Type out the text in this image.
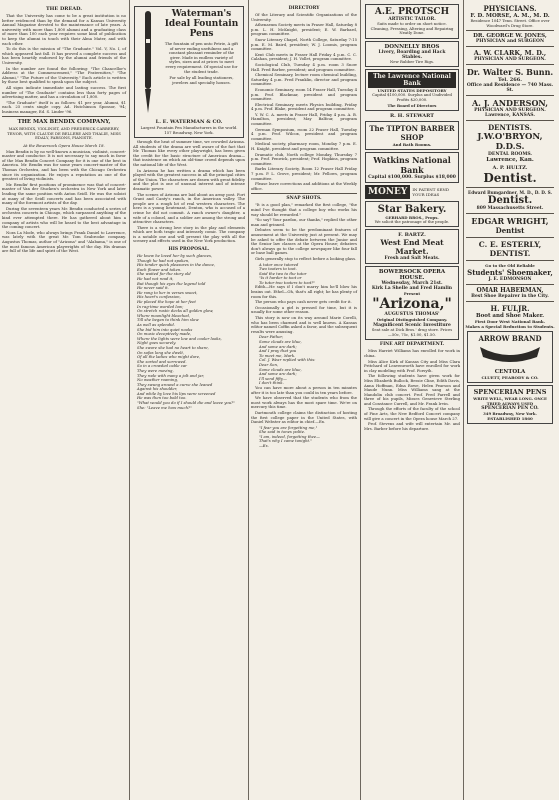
THE DREAD.

That the University has come to be a great institution is no better evidenced than by the demand for a Kansas University Annual Magazine devoted to the maintenance of late years. A university with more than 1,800 alumni and a graduating class of more than 100 each year requires some kind of publication to keep the alumni in touch with their Alma Mater, and with each other.

To do this is the mission of "The Graduate." Vol. V, No. I, of which appeared last fall. It has proved a complete success and has been heartily endorsed by the alumni and friends of the University.

In the number are found the following: "The Chancellor's Address at the Commencement," "The Fraternities," "The Alumni," "The Future of the University." Each article is written by those best qualified to speak upon the subject.

All signs indicate immediate and lasting success. The first number of "The Graduate" contains less than forty pages of advertising matter, and has a circulation of 1,800.

"The Graduate" itself is as follows: $1 per year, Alumni, $1 each. 25 cents single copy. Ad. Hutchinson Sponsor, '94; business manager, Ed. S. Linder '96.

THE MAX BENDIX COMPANY,
MAX BENDIX, VIOLINIST, AND FREDERICK CARBERRY, TENOR, WITH CLAUDE DE BELLERE AND THALIE, MISS EDALY, PARSONS, PIANISTE.
At the Bowersock Opera House March 18.

Max Bendix is by no well-known a musician, violinist, concert-master and conductor. It is not necessary to say much in favor of the Max Bendix Concert Company for it is one of the best in America. Mr. Bendix was for some years concert-master of the Thomas Orchestra, and has been with the Chicago Orchestra since its organization. He enjoys a reputation as one of the greatest of living violinists.

Mr. Bendix' first positions of prominence was that of concert-master of Van der Stucken's orchestra in New York and later leading the same position with Anton Seidl. He was the soloist at many of the Seidl concerts and has been associated with many of the foremost artists of the day.

During the seventeen years Mr. Bendix conducted a series of orchestra concerts in Chicago, which surpassed anything of the kind ever attempted there. He has gathered about him a company of artists who will be heard to the best advantage in the coming concert.

Nora La Mode, who always brings Frank Daniel to Lawrence, was lately with the great Mr. Tom Seabrooke company. Augustus Thomas, author of "Arizona" and "Alabama," is one of the most famous American playwrights of the day. His dramas are full of the life and spirit of the West.

Waterman's Ideal Fountain Pens
The fountain of pen unto Petrie, A gift of never ending usefulness and a constant pleasant reminder of the giver. Made in endless variety of styles, sizes and at prices to meet every requirement. Of special use for the student trade.
For sale by all leading stationers, jewelers and specialty houses.
L. E. WATERMAN & CO.
Largest Fountain Pen Manufacturers in the world. 157 Broadway, New York.

through the heat of summer time, we crowded Arizona. All students of the drama are well aware of the fact that Mr. Thomas like every other playwright, has been given the credit for the basic structure of American drama—that insistence on which an old-time crowd depends upon the national life of the West.

In Arizona he has written a drama which has been played with the greatest success in all the principal cities of the Union. The characters are drawn with great fidelity and the plot is one of unusual interest and of intense dramatic power.

The scenes of Arizona are laid about an army post. Fort Grant and Canty's ranch, in the American valley. The people are a rough lot of real western characters. The hero is a young lieutenant, Denton, who is accused of a crime he did not commit. A ranch owner's daughter, a wife of a colonel, and a soldier are among the strong and attractive characters.

There is a strong love story in the play and elements which are both tragic and intensely comic. The company is a notable one and will present the play with all the scenery and effects used in the New York production.

HIS PROPOSAL.
He knew he loved her by such glances,
Though he had not spoken,
His tender quick pleasures in the dance,
Each flower and token.
She waited for the story old
He had not read it,
But though his eyes the legend told
He never said it.
He rang to her in verses sweet,
His heart's confession,
He placed the hope at her feet
In rag-time worded low;
On stretch rustic decks all golden glow,
Where moonlight bleached,
Till she began to think him slow
As well as splendid.
She bid him into quiet nooks
On music deceptively made,
Where the lights were low and cooler looks,
Night goes securely.
She swore she had no heart to share,
On sofas long she dwelt,
Of all the ladies who might dare,
She sorted and sorrowed.
So in a crowded cable car
They were moving,
They rode with many a jolt and jar,
No weather roaming,
They swung around a curve she leaned
Against his shoulder,
And while by love his lips were screened
He was then too bold too.
"What would you do if I should die and leave you?"
She: "Leave me how much?"
DIRECTORY

Of the Literary and Scientific Organizations of the University.

Athenaeum Society meets in Fraser Hall, Saturday 8 p.m. L. H. McKnight, president; E. W. Barbard, program committee.

Snow Literary Chapel, North College, Saturday 7:15 p.m. E. M. Baird, president; W. J. Loomis, program committee.

Kent Club meets in Fraser Hall Friday 4 p.m. C. C. Calahan, president; J. H. Vollet, program committee.

Sociological Club, Tuesday 4 p.m. room 3 Snow Hall. Fred Barber, president; and program committee.

Chemical Seminary, lecture room chemical building, Saturday 4 p.m. Fred Franklin, director and program committee.

Economic Seminary, room 14 Fraser Hall, Tuesday 4 p.m. Prof. Blackmar, president and program committee.

Electrical Seminary, meets Physics building, Friday 4 p.m. Prof. Blake, president and program committee.

Y. W. C. A. meets in Fraser Hall, Friday 4 p.m. A. B. Hamilton, president; May Balfour, program committee.

German Symposium, room 22 Fraser Hall, Tuesday 4 p.m. Prof. Wilcox, president and program committee.

Medical society, pharmacy room, Monday 7 p.m. E. H. Knight, president and program committee.

Dramatic club, North college Monday, Thursday 7 p.m. Prof. Fenwick, president; Prof. Hopkins, program committee.

Barbs Literary Society, Room 12 Fraser Hall Friday 7 p.m. P. L. Grove, president; Mr. Fellows, program committee.

Please leave corrections and additions at the Weekly office.

SNAP SHOTS.

"It is a good plan," remarked the first college, "the mind I've thought that a college boy who works his way should be rewarded."

"So say? Your pardon, our thanks," replied the other man and grinned.

Debates seem to be the predominant features of amusement at the University just at present. We may be asked to offer the debate between the Junior and the Senior law classes at the Opera House; debaters don't always go to the college newspaper like four fall or base ball games.

Girls generally stop to reflect before a looking glass.

A tutor once tutored
Two tooters to toot.
Said the two to the tutor
"Is it harder to toot or
To tutor two tooters to toot?"

Edith—He says if I don't marry him he'll blow his brains out. Ethel—Oh, that's all right; he has plenty of room for this.

The person who pays cash never gets credit for it.

Occasionally a girl is pressed for time, but it is usually for some other reason.

This story is now on its way around Marie Corelli, who has been charmed and is well known. A Kansas editor named Coffin asked a favor, and the subsequent results were amusing.

Dear Father,
Some clouds are blue,
And some are dark;
And I pray that you
To meet me, Mark.
Col. J. Wear replied with this:
Dear Son,
Some clouds are blue,
And some are dark;
I'll send fifty—
I don't think.

You can have more about a person in ten minutes after it is too late than you could in ten years before.

We have observed that the students who from the most work always has the most spare time. We're on mercury this time.

Dartmouth college claims the distinction of hosting the first college paper in the United States, with Daniel Webster as editor in chief.—Ex.

"I fear you are forgetting me,"
She said in tones polite.
"I am, indeed, forgetting thee—
That's why I came tonight."
—Ex.
A.E. PROTSCH
ARTISTIC TAILOR.
Suits made to order on short notice. Cleaning, Pressing, Altering and Repairing Neatly Done.
DONNELLY BROS
Livery, Boarding and Hack Stables.
New Rubber Tire Rigs.
The Lawrence National Bank
UNITED STATES DEPOSITORY
Capital $100,000. Surplus and Undivided Profits $20,000.
The Board of Directors
R. H. STEWART
The TIPTON BARBER SHOP
And Bath Rooms.
Watkins National Bank
Capital $100,000. Surplus $18,000
MONEY	IN PATENT SEND YOUR IDEAS
Star Bakery.
GERHARD BROS., Props.
We solicit the patronage of the people.
F. BARTZ.
West End Meat Market.
Fresh and Salt Meats.
BOWERSOCK OPERA HOUSE.
Wednesday, March 21st.
Kirk La Shelle and Fred Hamlin
Present
"Arizona,"
AUGUSTUS THOMAS'
Original Distinguished Company.
Magnificent Scenic Investiture
Seat sale at Dick Bros.' drug store. Prices—50c, 75c, $1.00, $1.50.
FINE ART DEPARTMENT.

Miss Harriet Williams has enrolled for work in china.

Miss Alice Kirk of Kansas City and Miss Clara Pritchard of Leavenworth have enrolled for work in clay modeling with Prof. Forsyth.

The following students have given work for Miss Elizabeth Bullock, Bessie Cline, Edith Davis, Anna Hoffman, Edna Rowe, Helen Pearson and Maude Nunn. Miss Williams sang at the Mandolin club concert. Prof. Fred Farrell and three of his pupils, Misses Genevieve Sterling and Constance Currell, and Mr. Frank Irvin.

Through the efforts of the faculty of the school of Fine Arts, the New Bedford Concert company will give a concert in the Opera house March 27.

Prof. Stevens and wife will entertain Mr. and Mrs. Barber before his departure.

PHYSICIANS.
F. D. MORSE, A. M., M. D.
Residence 1047 Tenn. Street. Office over Woodward's Drug Store.
DR. GEORGE W. JONES,
PHYSICIAN and SURGEON
A. W. CLARK, M. D.,
PHYSICIAN AND SURGEON.
Dr. Walter S. Bunn.
Tel. 266.
Office and Residence — 740 Mass. St.
A. J. ANDERSON,
PHYSICIAN AND SURGEON.
Lawrence, KANSAS.
DENTISTS.
J.W.O'BRYON, D.D.S.
DENTAL ROOMS.
Lawrence, Kan.
A. P. HULTZ.
Dentist.
Edward Bumgardner, M. D., D. D. S.
Dentist.
809 Massachusetts Street.
EDGAR WRIGHT,
Dentist
C. E. ESTERLY,
DENTIST.
Go to the Old Reliable
Students' Shoemaker,
J. E. EDMONSON
OMAR HABERMAN,
Best Shoe Repairer in the City.
H. FULJR.
Boot and Shoe Maker.
First Door West National Bank.
Makes a Special Reduction to Students.
ARROW BRAND
CENTOLA
CLUETT, PEABODY & CO.
SPENCERIAN PENS
WRITE WELL, WEAR LONG. ONCE TRIED ALWAYS USED
SPENCERIAN PEN CO.
349 Broadway, New York.
ESTABLISHED 1860
